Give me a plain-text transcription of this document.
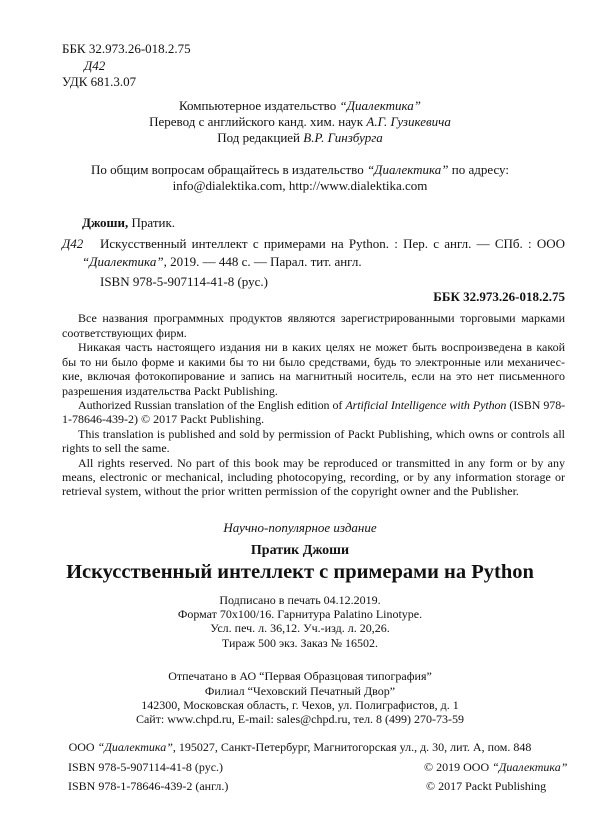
ББК 32.973.26-018.2.75
Д42
УДК 681.3.07
Компьютерное издательство “Диалектика”
Перевод с английского канд. хим. наук А.Г. Гузикевича
Под редакцией В.Р. Гинзбурга
По общим вопросам обращайтесь в издательство “Диалектика” по адресу:
info@dialektika.com, http://www.dialektika.com
Джоши, Пратик.
Д42 Искусственный интеллект с примерами на Python. : Пер. с англ. — СПб. : ООО
“Диалектика”, 2019. — 448 с. — Парал. тит. англ.
ISBN 978-5-907114-41-8 (рус.)
ББК 32.973.26-018.2.75
Все названия программных продуктов являются зарегистрированными торговыми марками
соответствующих фирм.
Никакая часть настоящего издания ни в каких целях не может быть воспроизведена в какой
бы то ни было форме и какими бы то ни было средствами, будь то электронные или механичес-
кие, включая фотокопирование и запись на магнитный носитель, если на это нет письменного
разрешения издательства Packt Publishing.
Authorized Russian translation of the English edition of Artificial Intelligence with Python (ISBN 978-
1-78646-439-2) © 2017 Packt Publishing.
This translation is published and sold by permission of Packt Publishing, which owns or controls all
rights to sell the same.
All rights reserved. No part of this book may be reproduced or transmitted in any form or by any
means, electronic or mechanical, including photocopying, recording, or by any information storage or
retrieval system, without the prior written permission of the copyright owner and the Publisher.
Научно-популярное издание
Пратик Джоши
Искусственный интеллект с примерами на Python
Подписано в печать 04.12.2019.
Формат 70x100/16. Гарнитура Palatino Linotype.
Усл. печ. л. 36,12. Уч.-изд. л. 20,26.
Тираж 500 экз. Заказ № 16502.
Отпечатано в АО “Первая Образцовая типография”
Филиал “Чеховский Печатный Двор”
142300, Московская область, г. Чехов, ул. Полиграфистов, д. 1
Сайт: www.chpd.ru, E-mail: sales@chpd.ru, тел. 8 (499) 270-73-59
ООО “Диалектика”, 195027, Санкт-Петербург, Магнитогорская ул., д. 30, лит. А, пом. 848
ISBN 978-5-907114-41-8 (рус.)
ISBN 978-1-78646-439-2 (англ.)
© 2019 ООО “Диалектика”
© 2017 Packt Publishing
